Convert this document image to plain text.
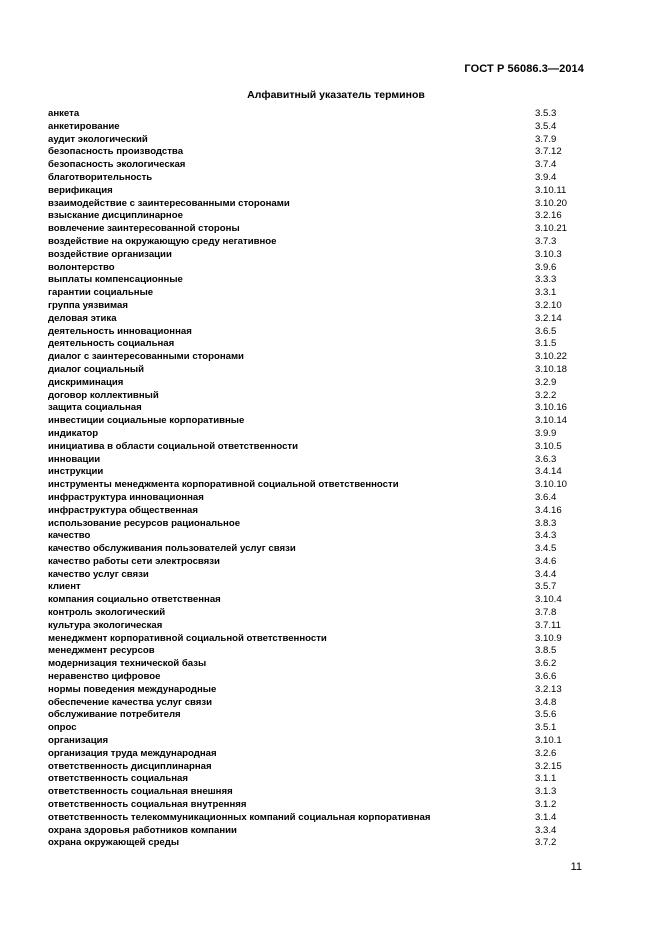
ГОСТ Р 56086.3—2014
Алфавитный указатель терминов
анкета	3.5.3
анкетирование	3.5.4
аудит экологический	3.7.9
безопасность производства	3.7.12
безопасность экологическая	3.7.4
благотворительность	3.9.4
верификация	3.10.11
взаимодействие с заинтересованными сторонами	3.10.20
взыскание дисциплинарное	3.2.16
вовлечение заинтересованной стороны	3.10.21
воздействие на окружающую среду негативное	3.7.3
воздействие организации	3.10.3
волонтерство	3.9.6
выплаты компенсационные	3.3.3
гарантии социальные	3.3.1
группа уязвимая	3.2.10
деловая этика	3.2.14
деятельность инновационная	3.6.5
деятельность социальная	3.1.5
диалог с заинтересованными сторонами	3.10.22
диалог социальный	3.10.18
дискриминация	3.2.9
договор коллективный	3.2.2
защита социальная	3.10.16
инвестиции социальные корпоративные	3.10.14
индикатор	3.9.9
инициатива в области социальной ответственности	3.10.5
инновации	3.6.3
инструкции	3.4.14
инструменты менеджмента корпоративной социальной ответственности	3.10.10
инфраструктура инновационная	3.6.4
инфраструктура общественная	3.4.16
использование ресурсов рациональное	3.8.3
качество	3.4.3
качество обслуживания пользователей услуг связи	3.4.5
качество работы сети электросвязи	3.4.6
качество услуг связи	3.4.4
клиент	3.5.7
компания социально ответственная	3.10.4
контроль экологический	3.7.8
культура экологическая	3.7.11
менеджмент корпоративной социальной ответственности	3.10.9
менеджмент ресурсов	3.8.5
модернизация технической базы	3.6.2
неравенство цифровое	3.6.6
нормы поведения международные	3.2.13
обеспечение качества услуг связи	3.4.8
обслуживание потребителя	3.5.6
опрос	3.5.1
организация	3.10.1
организация труда международная	3.2.6
ответственность дисциплинарная	3.2.15
ответственность социальная	3.1.1
ответственность социальная внешняя	3.1.3
ответственность социальная внутренняя	3.1.2
ответственность телекоммуникационных компаний социальная корпоративная	3.1.4
охрана здоровья работников компании	3.3.4
охрана окружающей среды	3.7.2
11
